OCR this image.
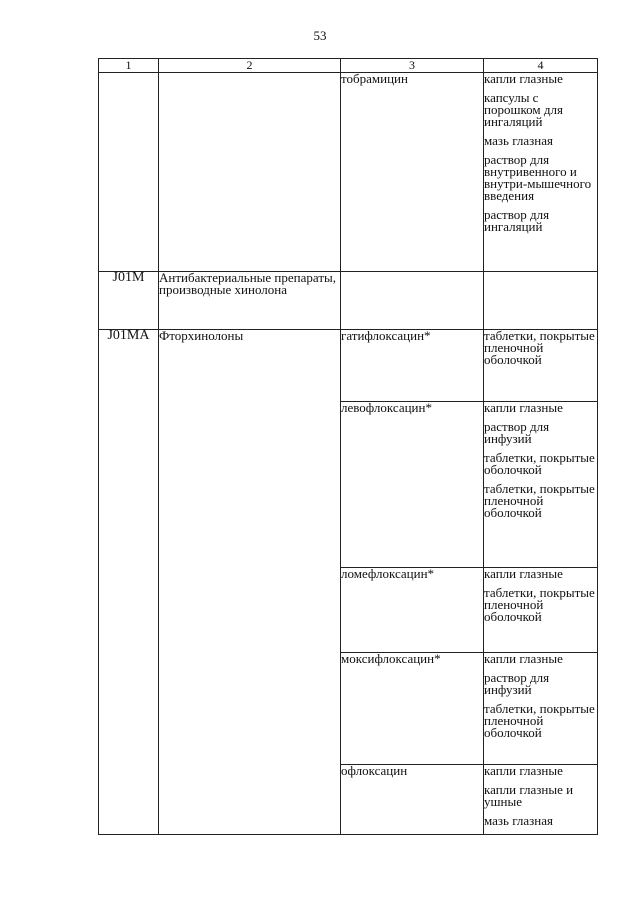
53
1	2	3	4
		тобрамицин	капли глазные
капсулы с порошком для ингаляций
мазь глазная
раствор для внутривенного и внутри-мышечного введения
раствор для ингаляций

J01M	Антибактериальные препараты, производные хинолона		
J01MA	Фторхинолоны	гатифлоксацин*	таблетки, покрытые пленочной оболочкой

		левофлоксацин*	капли глазные
раствор для инфузий
таблетки, покрытые оболочкой
таблетки, покрытые пленочной оболочкой

		ломефлоксацин*	капли глазные
таблетки, покрытые пленочной оболочкой

		моксифлоксацин*	капли глазные
раствор для инфузий
таблетки, покрытые пленочной оболочкой

		офлоксацин	капли глазные
капли глазные и ушные
мазь глазная
